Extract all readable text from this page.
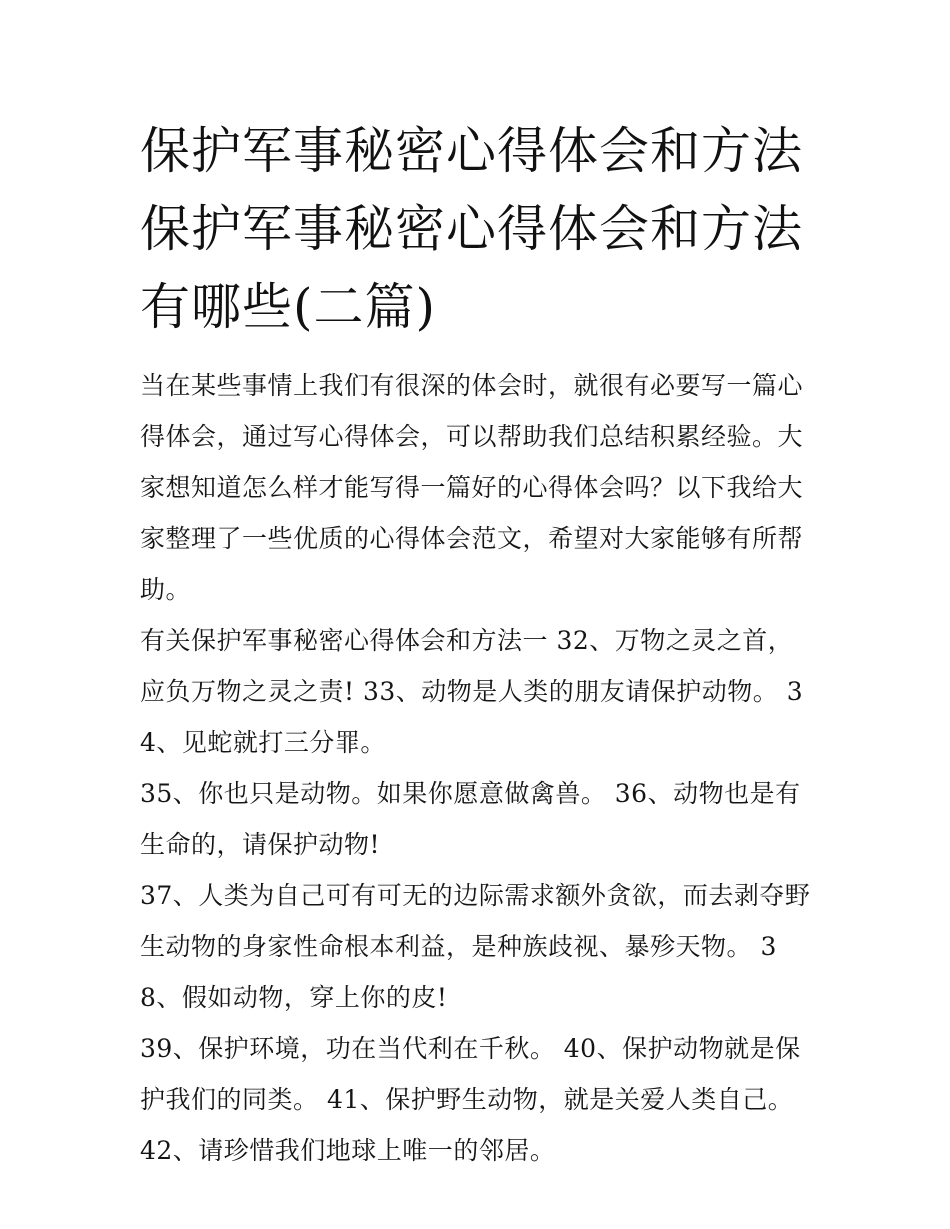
保护军事秘密心得体会和方法
保护军事秘密心得体会和方法
有哪些(二篇)

当在某些事情上我们有很深的体会时，就很有必要写一篇心得体会，通过写心得体会，可以帮助我们总结积累经验。大家想知道怎么样才能写得一篇好的心得体会吗？以下我给大家整理了一些优质的心得体会范文，希望对大家能够有所帮助。

有关保护军事秘密心得体会和方法一 32、万物之灵之首，应负万物之灵之责! 33、动物是人类的朋友请保护动物。 34、见蛇就打三分罪。

35、你也只是动物。如果你愿意做禽兽。 36、动物也是有生命的，请保护动物!

37、人类为自己可有可无的边际需求额外贪欲，而去剥夺野生动物的身家性命根本利益，是种族歧视、暴殄天物。 38、假如动物，穿上你的皮!

39、保护环境，功在当代利在千秋。 40、保护动物就是保护我们的同类。 41、保护野生动物，就是关爱人类自己。 42、请珍惜我们地球上唯一的邻居。
